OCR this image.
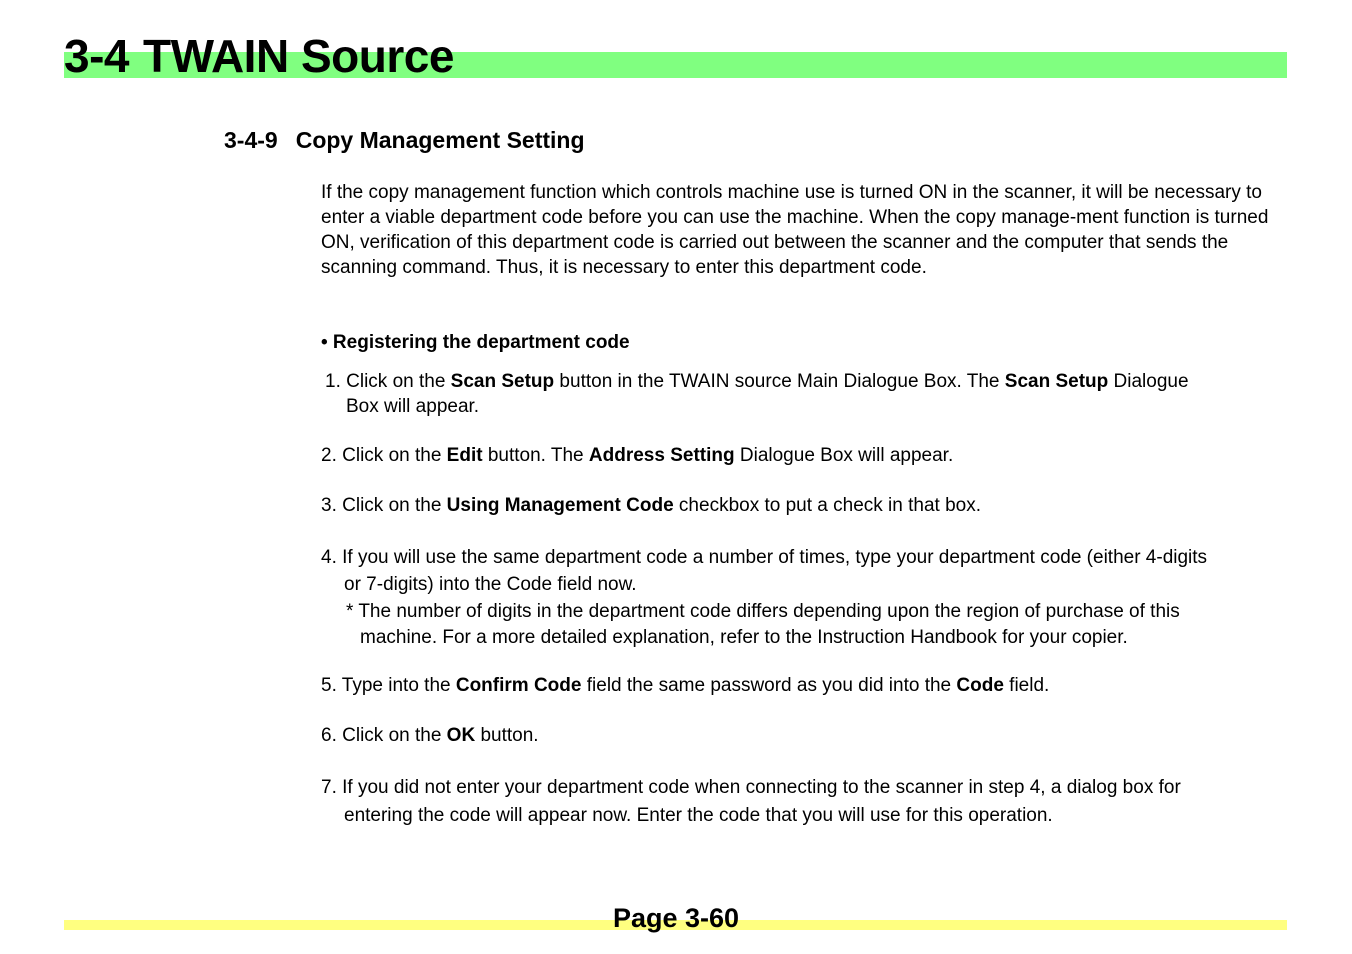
3-4 TWAIN Source
3-4-9 Copy Management Setting

If the copy management function which controls machine use is turned ON in the scanner, it will be necessary to enter a viable department code before you can use the machine. When the copy manage-ment function is turned ON, verification of this department code is carried out between the scanner and the computer that sends the scanning command. Thus, it is necessary to enter this department code.

• Registering the department code
1. Click on the Scan Setup button in the TWAIN source Main Dialogue Box. The Scan Setup Dialogue
Box will appear.
2. Click on the Edit button. The Address Setting Dialogue Box will appear.
3. Click on the Using Management Code checkbox to put a check in that box.
4. If you will use the same department code a number of times, type your department code (either 4-digits
or 7-digits) into the Code field now.
* The number of digits in the department code differs depending upon the region of purchase of this
machine. For a more detailed explanation, refer to the Instruction Handbook for your copier.
5. Type into the Confirm Code field the same password as you did into the Code field.
6. Click on the OK button.
7. If you did not enter your department code when connecting to the scanner in step 4, a dialog box for
entering the code will appear now. Enter the code that you will use for this operation.
Page 3-60
